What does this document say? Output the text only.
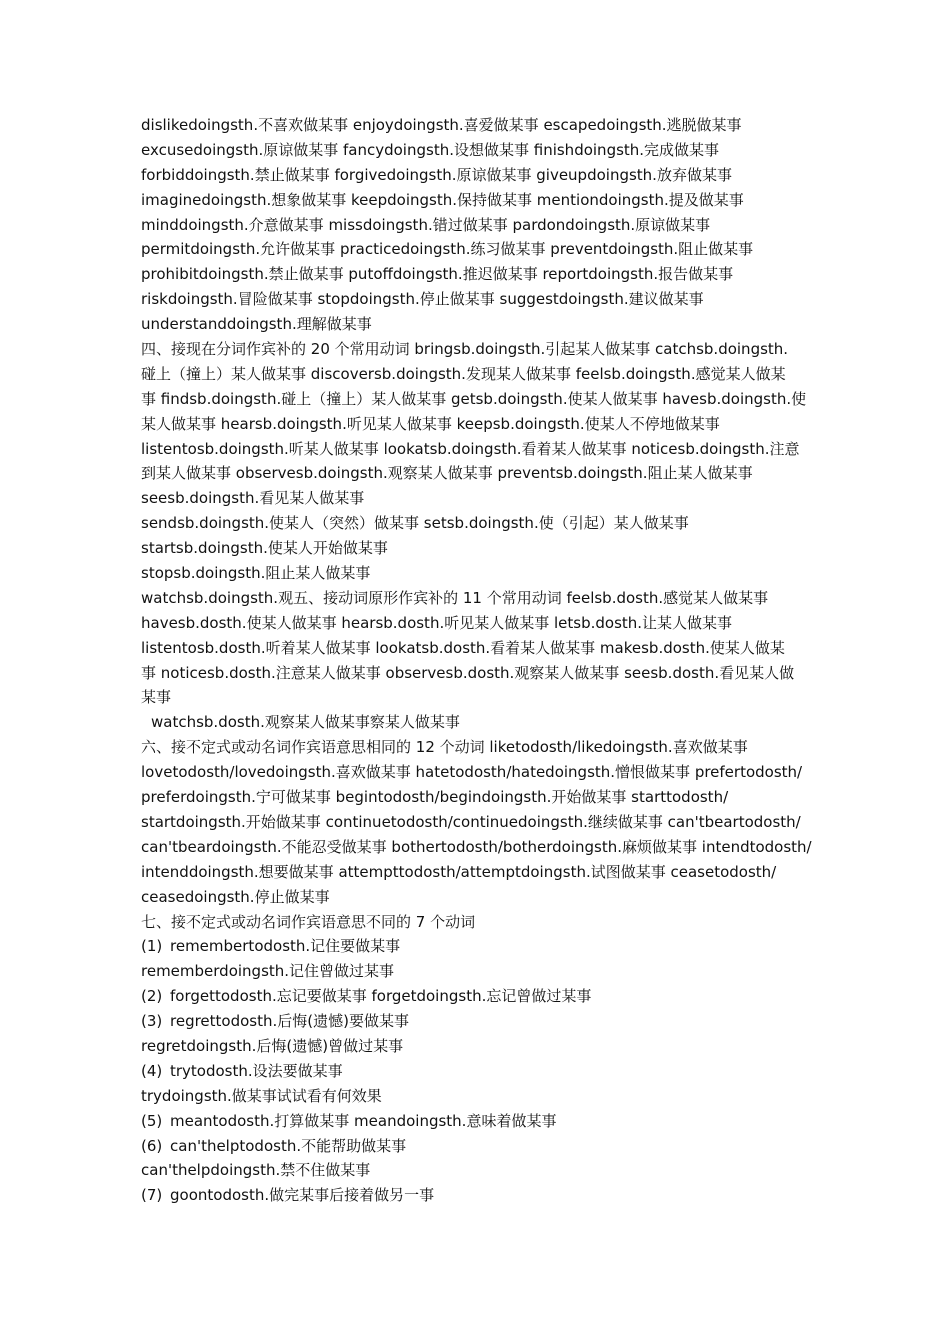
dislikedoingsth.不喜欢做某事 enjoydoingsth.喜爱做某事 escapedoingsth.逃脱做某事
excusedoingsth.原谅做某事 fancydoingsth.设想做某事 finishdoingsth.完成做某事
forbiddoingsth.禁止做某事 forgivedoingsth.原谅做某事 giveupdoingsth.放弃做某事
imaginedoingsth.想象做某事 keepdoingsth.保持做某事 mentiondoingsth.提及做某事
minddoingsth.介意做某事 missdoingsth.错过做某事 pardondoingsth.原谅做某事
permitdoingsth.允许做某事 practicedoingsth.练习做某事 preventdoingsth.阻止做某事
prohibitdoingsth.禁止做某事 putoffdoingsth.推迟做某事 reportdoingsth.报告做某事
riskdoingsth.冒险做某事 stopdoingsth.停止做某事 suggestdoingsth.建议做某事
understanddoingsth.理解做某事
四、接现在分词作宾补的 20 个常用动词 bringsb.doingsth.引起某人做某事 catchsb.doingsth.
碰上（撞上）某人做某事 discoversb.doingsth.发现某人做某事 feelsb.doingsth.感觉某人做某
事 findsb.doingsth.碰上（撞上）某人做某事 getsb.doingsth.使某人做某事 havesb.doingsth.使
某人做某事 hearsb.doingsth.听见某人做某事 keepsb.doingsth.使某人不停地做某事
listentosb.doingsth.听某人做某事 lookatsb.doingsth.看着某人做某事 noticesb.doingsth.注意
到某人做某事 observesb.doingsth.观察某人做某事 preventsb.doingsth.阻止某人做某事
seesb.doingsth.看见某人做某事
sendsb.doingsth.使某人（突然）做某事 setsb.doingsth.使（引起）某人做某事
startsb.doingsth.使某人开始做某事
stopsb.doingsth.阻止某人做某事
watchsb.doingsth.观五、接动词原形作宾补的 11 个常用动词 feelsb.dosth.感觉某人做某事
havesb.dosth.使某人做某事 hearsb.dosth.听见某人做某事 letsb.dosth.让某人做某事
listentosb.dosth.听着某人做某事 lookatsb.dosth.看着某人做某事 makesb.dosth.使某人做某
事 noticesb.dosth.注意某人做某事 observesb.dosth.观察某人做某事 seesb.dosth.看见某人做
某事
watchsb.dosth.观察某人做某事察某人做某事
六、接不定式或动名词作宾语意思相同的 12 个动词 liketodosth/likedoingsth.喜欢做某事
lovetodosth/lovedoingsth.喜欢做某事 hatetodosth/hatedoingsth.憎恨做某事 prefertodosth/
preferdoingsth.宁可做某事 begintodosth/begindoingsth.开始做某事 starttodosth/
startdoingsth.开始做某事 continuetodosth/continuedoingsth.继续做某事 can'tbeartodosth/
can'tbeardoingsth.不能忍受做某事 bothertodosth/botherdoingsth.麻烦做某事 intendtodosth/
intenddoingsth.想要做某事 attempttodosth/attemptdoingsth.试图做某事 ceasetodosth/
ceasedoingsth.停止做某事
七、接不定式或动名词作宾语意思不同的 7 个动词
(1) remembertodosth.记住要做某事
rememberdoingsth.记住曾做过某事
(2) forgettodosth.忘记要做某事 forgetdoingsth.忘记曾做过某事
(3) regrettodosth.后悔(遗憾)要做某事
regretdoingsth.后悔(遗憾)曾做过某事
(4) trytodosth.设法要做某事
trydoingsth.做某事试试看有何效果
(5) meantodosth.打算做某事 meandoingsth.意味着做某事
(6) can'thelptodosth.不能帮助做某事
can'thelpdoingsth.禁不住做某事
(7) goontodosth.做完某事后接着做另一事
